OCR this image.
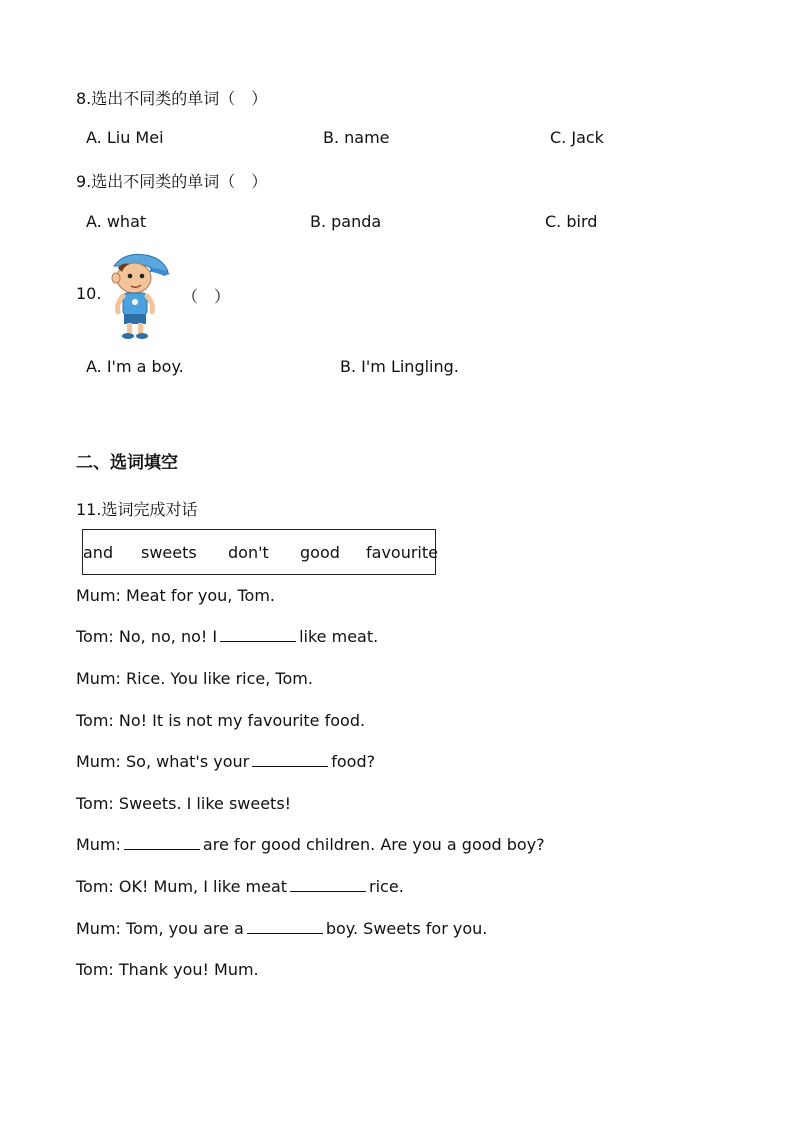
8.选出不同类的单词（　）
A. Liu Mei	B. name	C. Jack
9.选出不同类的单词（　）
A. what	B. panda	C. bird
10.	（　）
A. I'm a boy.	B. I'm Lingling.
二、选词填空
11.选词完成对话
and sweets don't good favourite
Mum: Meat for you, Tom.
Tom: No, no, no! I	like meat.
Mum: Rice. You like rice, Tom.
Tom: No! It is not my favourite food.
Mum: So, what's your	food?
Tom: Sweets. I like sweets!
Mum:	are for good children. Are you a good boy?
Tom: OK! Mum, I like meat	rice.
Mum: Tom, you are a	boy. Sweets for you.
Tom: Thank you! Mum.
